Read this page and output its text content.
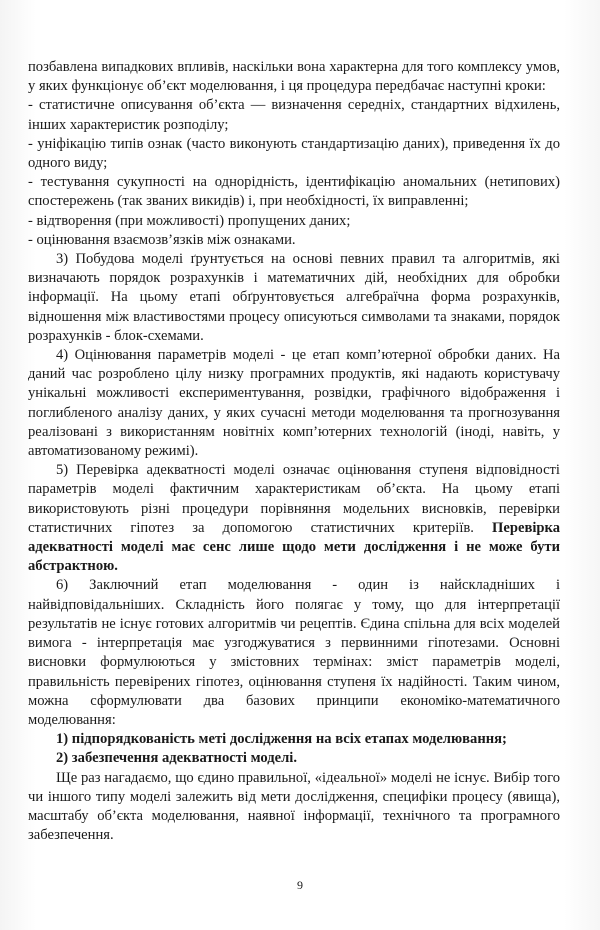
позбавлена випадкових впливів, наскільки вона характерна для того комплексу умов, у яких функціонує об’єкт моделювання, і ця процедура передбачає наступні кроки:

- статистичне описування об’єкта — визначення середніх, стандартних відхилень, інших характеристик розподілу;

- уніфікацію типів ознак (часто виконують стандартизацію даних), приведення їх до одного виду;

- тестування сукупності на однорідність, ідентифікацію аномальних (нетипових) спостережень (так званих викидів) і, при необхідності, їх виправленні;

- відтворення (при можливості) пропущених даних;

- оцінювання взаємозв’язків між ознаками.

3) Побудова моделі ґрунтується на основі певних правил та алгоритмів, які визначають порядок розрахунків і математичних дій, необхідних для обробки інформації. На цьому етапі обґрунтовується алгебраїчна форма розрахунків, відношення між властивостями процесу описуються символами та знаками, порядок розрахунків - блок-схемами.

4) Оцінювання параметрів моделі - це етап комп’ютерної обробки даних. На даний час розроблено цілу низку програмних продуктів, які надають користувачу унікальні можливості експериментування, розвідки, графічного відображення і поглибленого аналізу даних, у яких сучасні методи моделювання та прогнозування реалізовані з використанням новітніх комп’ютерних технологій (іноді, навіть, у автоматизованому режимі).

5) Перевірка адекватності моделі означає оцінювання ступеня відповідності параметрів моделі фактичним характеристикам об’єкта. На цьому етапі використовують різні процедури порівняння модельних висновків, перевірки статистичних гіпотез за допомогою статистичних критеріїв. Перевірка адекватності моделі має сенс лише щодо мети дослідження і не може бути абстрактною.

6) Заключний етап моделювання - один із найскладніших і найвідповідальніших. Складність його полягає у тому, що для інтерпретації результатів не існує готових алгоритмів чи рецептів. Єдина спільна для всіх моделей вимога - інтерпретація має узгоджуватися з первинними гіпотезами. Основні висновки формулюються у змістовних термінах: зміст параметрів моделі, правильність перевірених гіпотез, оцінювання ступеня їх надійності. Таким чином, можна сформулювати два базових принципи економіко-математичного моделювання:

1) підпорядкованість меті дослідження на всіх етапах моделювання;

2) забезпечення адекватності моделі.

Ще раз нагадаємо, що єдино правильної, «ідеальної» моделі не існує. Вибір того чи іншого типу моделі залежить від мети дослідження, специфіки процесу (явища), масштабу об’єкта моделювання, наявної інформації, технічного та програмного забезпечення.

9
